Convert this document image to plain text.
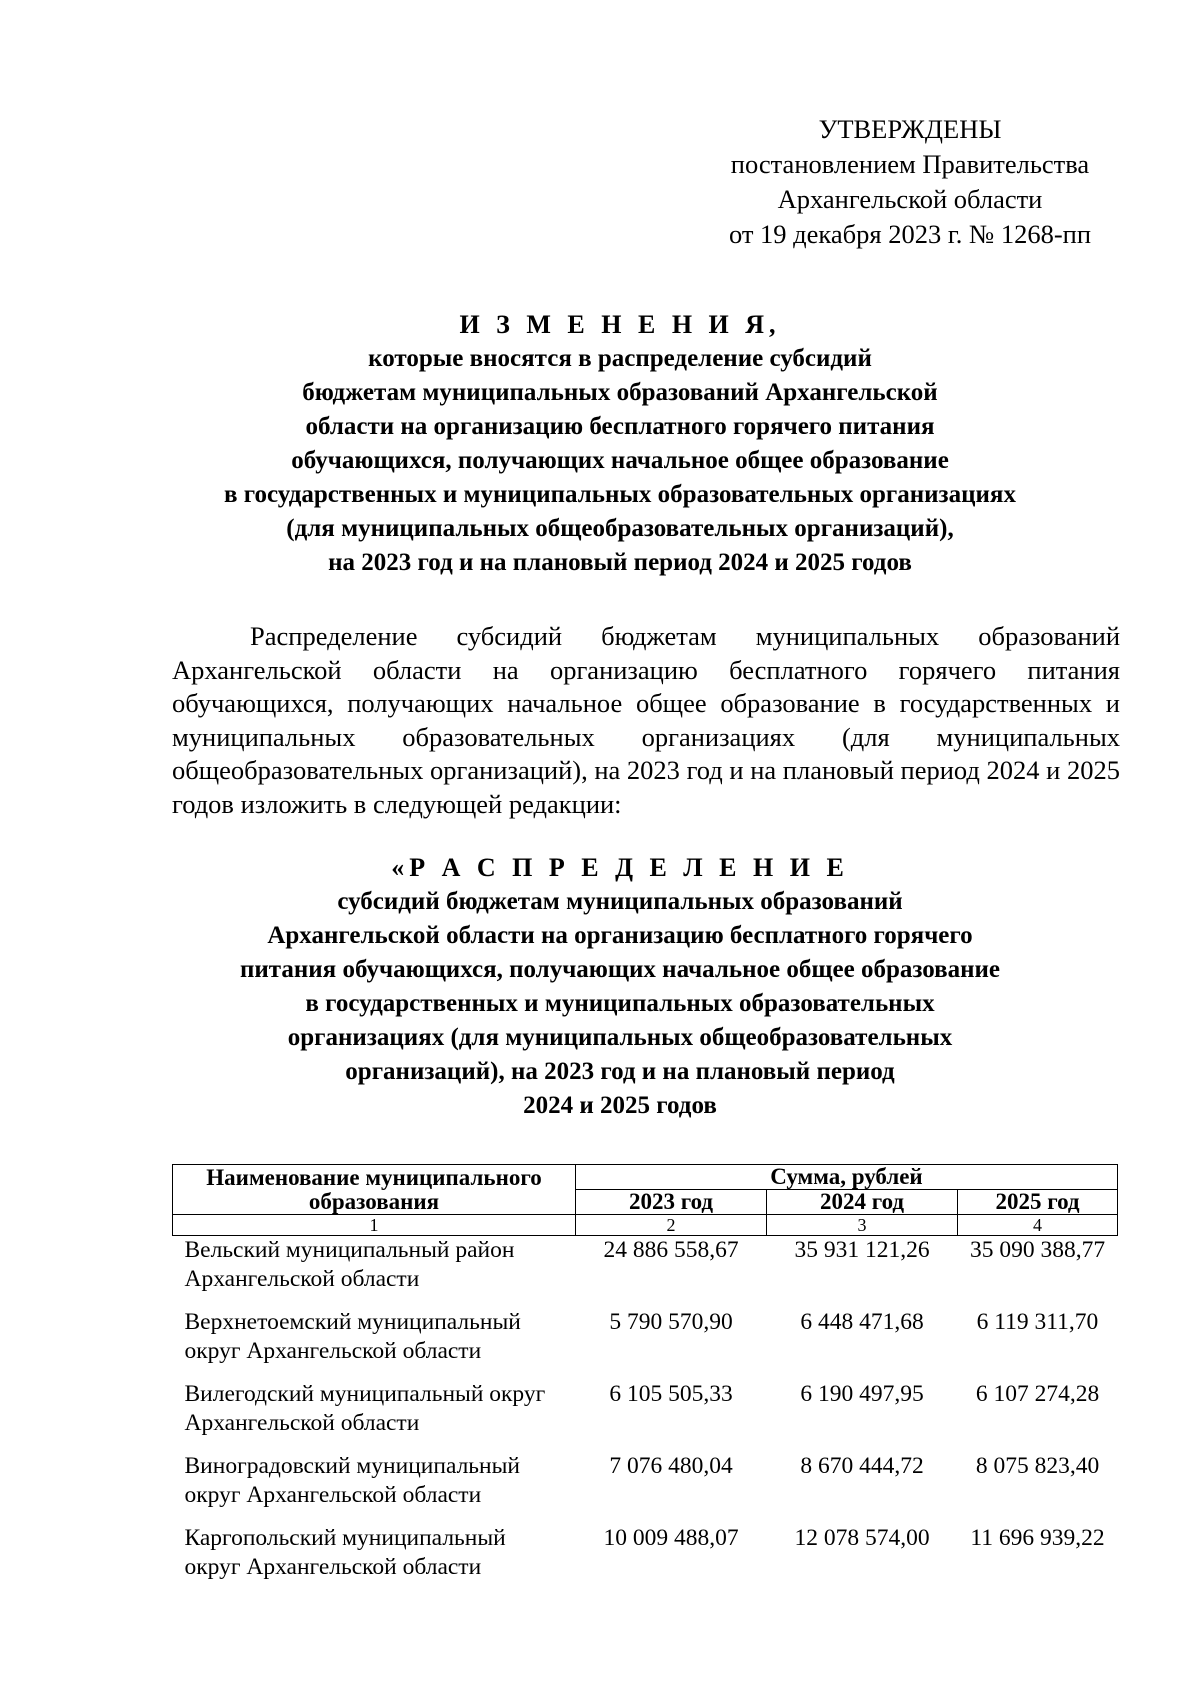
УТВЕРЖДЕНЫ
постановлением Правительства
Архангельской области
от 19 декабря 2023 г. № 1268-пп
И З М Е Н Е Н И Я,
которые вносятся в распределение субсидий
бюджетам муниципальных образований Архангельской
области на организацию бесплатного горячего питания
обучающихся, получающих начальное общее образование
в государственных и муниципальных образовательных организациях
(для муниципальных общеобразовательных организаций),
на 2023 год и на плановый период 2024 и 2025 годов
Распределение субсидий бюджетам муниципальных образований Архангельской области на организацию бесплатного горячего питания обучающихся, получающих начальное общее образование в государственных и муниципальных образовательных организациях (для муниципальных общеобразовательных организаций), на 2023 год и на плановый период 2024 и 2025 годов изложить в следующей редакции:
«Р А С П Р Е Д Е Л Е Н И Е
субсидий бюджетам муниципальных образований
Архангельской области на организацию бесплатного горячего
питания обучающихся, получающих начальное общее образование
в государственных и муниципальных образовательных
организациях (для муниципальных общеобразовательных
организаций), на 2023 год и на плановый период
2024 и 2025 годов
Наименование муниципального образования	Сумма, рублей		
	2023 год	2024 год	2025 год
1	2	3	4

Вельский муниципальный район
Архангельской области	24 886 558,67	35 931 121,26	35 090 388,77

Верхнетоемский муниципальный
округ Архангельской области	5 790 570,90	6 448 471,68	6 119 311,70

Вилегодский муниципальный округ
Архангельской области	6 105 505,33	6 190 497,95	6 107 274,28

Виноградовский муниципальный
округ Архангельской области	7 076 480,04	8 670 444,72	8 075 823,40

Каргопольский муниципальный
округ Архангельской области	10 009 488,07	12 078 574,00	11 696 939,22
